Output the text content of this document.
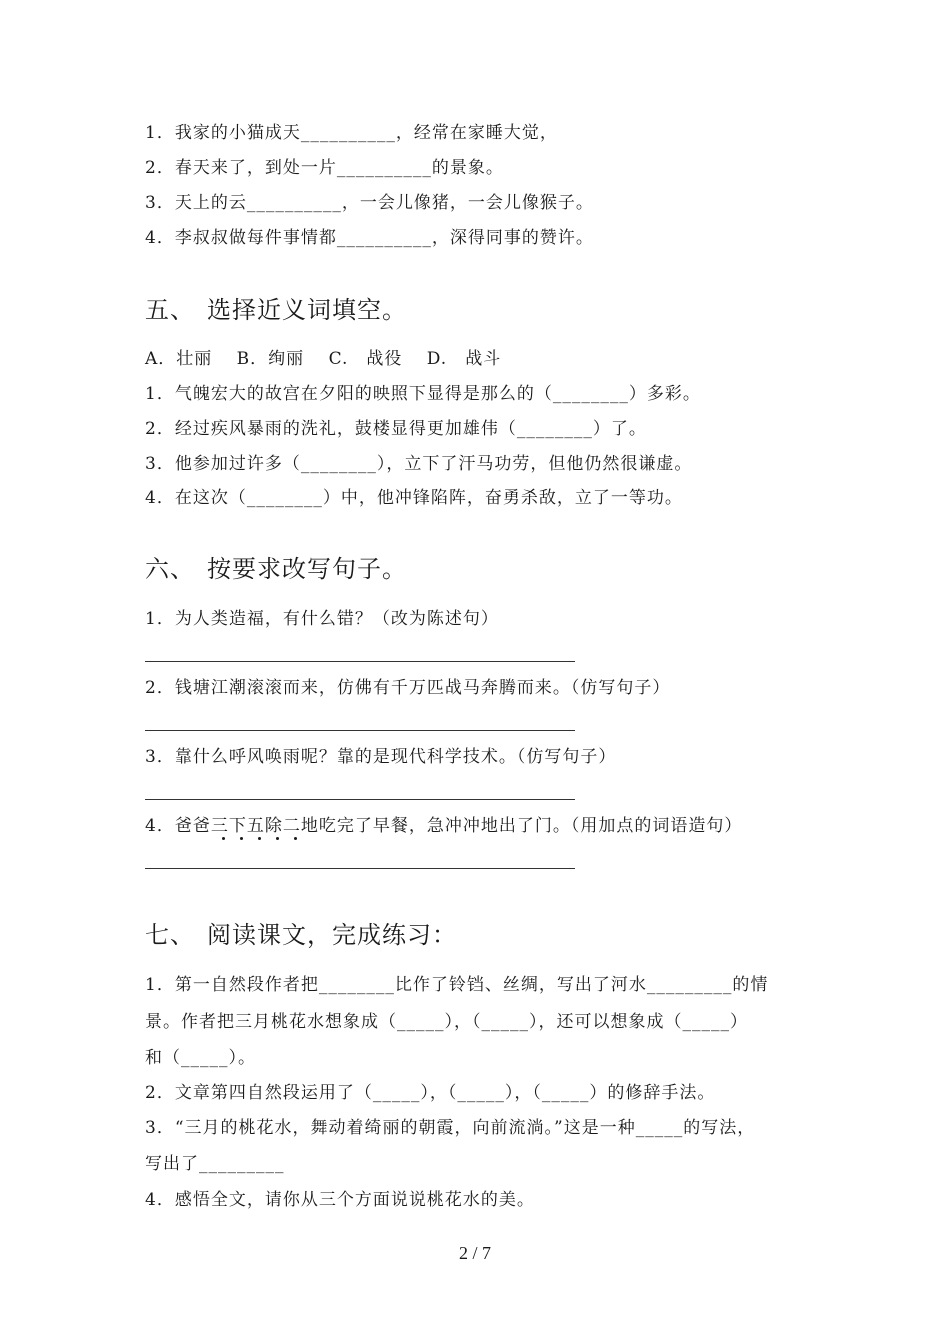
1．我家的小猫成天__________，经常在家睡大觉，
2．春天来了，到处一片__________的景象。
3．天上的云__________，一会儿像猪，一会儿像猴子。
4．李叔叔做每件事情都__________，深得同事的赞许。
五、 选择近义词填空。
A．壮丽　 B．绚丽　 C.　战役　 D.　战斗
1．气魄宏大的故宫在夕阳的映照下显得是那么的（________）多彩。
2．经过疾风暴雨的洗礼，鼓楼显得更加雄伟（________）了。
3．他参加过许多（________），立下了汗马功劳，但他仍然很谦虚。
4．在这次（________）中，他冲锋陷阵，奋勇杀敌，立了一等功。
六、 按要求改写句子。
1．为人类造福，有什么错？（改为陈述句）
2．钱塘江潮滚滚而来，仿佛有千万匹战马奔腾而来。（仿写句子）
3．靠什么呼风唤雨呢？靠的是现代科学技术。（仿写句子）
4．爸爸三下五除二地吃完了早餐，急冲冲地出了门。（用加点的词语造句）
七、 阅读课文，完成练习：
1．第一自然段作者把________比作了铃铛、丝绸，写出了河水_________的情
景。作者把三月桃花水想象成（_____），（_____），还可以想象成（_____）
和（_____）。
2．文章第四自然段运用了（_____），（_____），（_____）的修辞手法。
3．“三月的桃花水，舞动着绮丽的朝霞，向前流淌。”这是一种_____的写法，
写出了_________
4．感悟全文，请你从三个方面说说桃花水的美。
2 / 7
